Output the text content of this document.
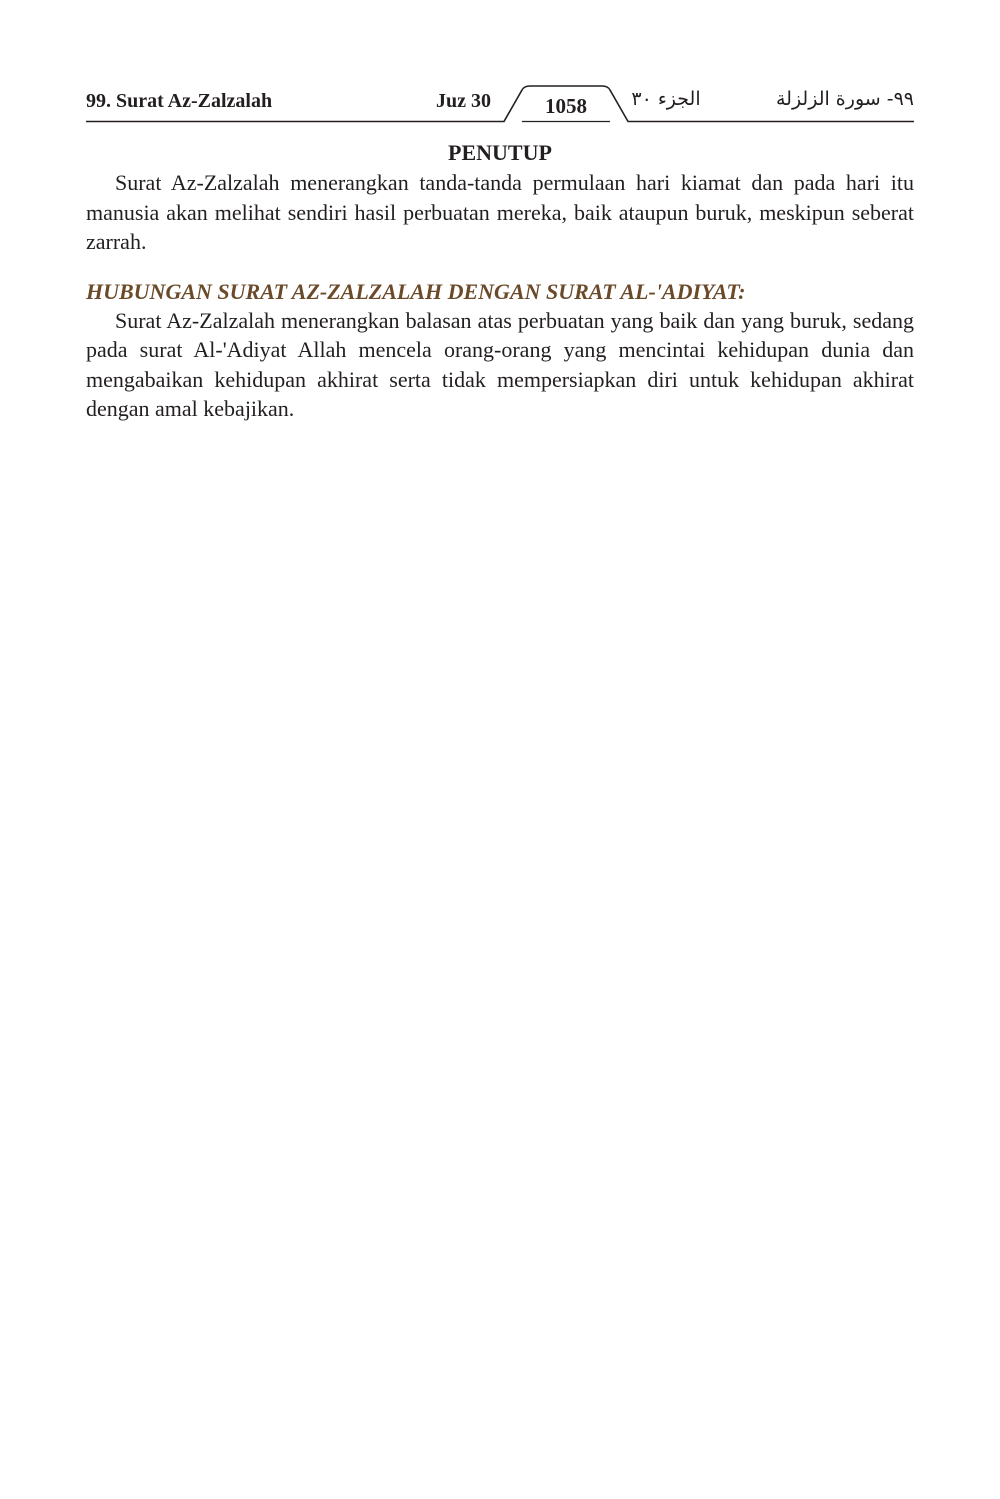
99. Surat Az-Zalzalah	Juz 30	1058	الجزء ٣٠	٩٩- سورة الزلزلة
PENUTUP

Surat Az-Zalzalah menerangkan tanda-tanda permulaan hari kiamat dan pada hari itu manusia akan melihat sendiri hasil perbuatan mereka, baik ataupun buruk, meskipun seberat zarrah.

HUBUNGAN SURAT AZ-ZALZALAH DENGAN SURAT AL-'ADIYAT:

Surat Az-Zalzalah menerangkan balasan atas perbuatan yang baik dan yang buruk, sedang pada surat Al-'Adiyat Allah mencela orang-orang yang mencintai kehidupan dunia dan mengabaikan kehidupan akhirat serta tidak mempersiapkan diri untuk kehidupan akhirat dengan amal kebajikan.
